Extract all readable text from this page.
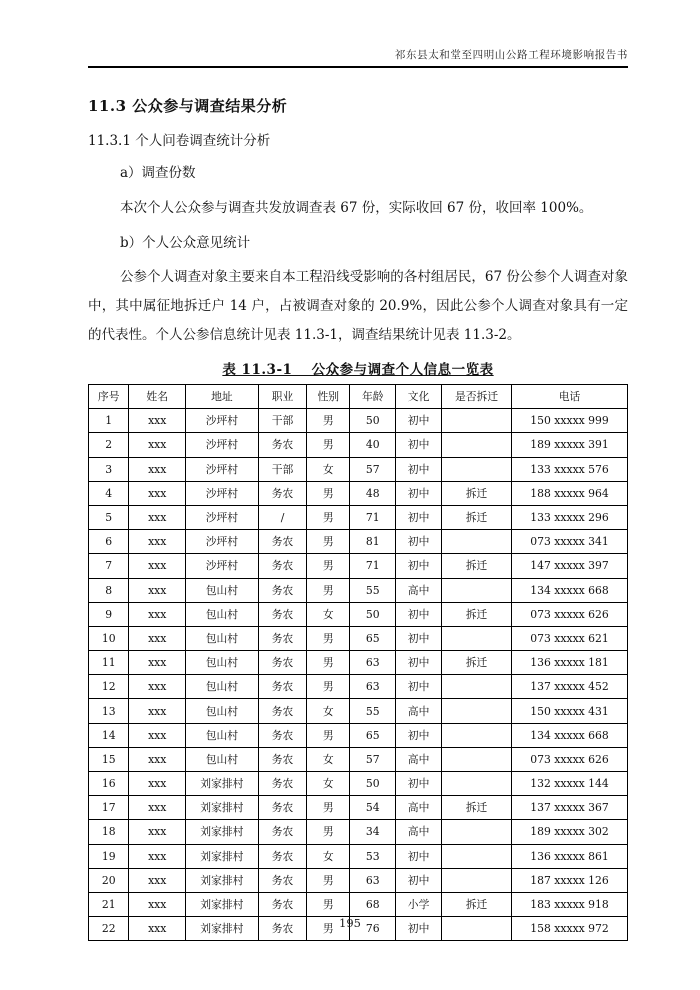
祁东县太和堂至四明山公路工程环境影响报告书
11.3 公众参与调查结果分析
11.3.1 个人问卷调查统计分析
a）调查份数
本次个人公众参与调查共发放调查表 67 份，实际收回 67 份，收回率 100%。
b）个人公众意见统计
公参个人调查对象主要来自本工程沿线受影响的各村组居民，67 份公参个人调查对象中，其中属征地拆迁户 14 户，占被调查对象的 20.9%，因此公参个人调查对象具有一定的代表性。个人公参信息统计见表 11.3-1，调查结果统计见表 11.3-2。
表 11.3-1　 公众参与调查个人信息一览表
序号	姓名	地址	职业	性别	年龄	文化	是否拆迁	电话
1	xxx	沙坪村	干部	男	50	初中		150 xxxxx 999
2	xxx	沙坪村	务农	男	40	初中		189 xxxxx 391
3	xxx	沙坪村	干部	女	57	初中		133 xxxxx 576
4	xxx	沙坪村	务农	男	48	初中	拆迁	188 xxxxx 964
5	xxx	沙坪村	/	男	71	初中	拆迁	133 xxxxx 296
6	xxx	沙坪村	务农	男	81	初中		073 xxxxx 341
7	xxx	沙坪村	务农	男	71	初中	拆迁	147 xxxxx 397
8	xxx	包山村	务农	男	55	高中		134 xxxxx 668
9	xxx	包山村	务农	女	50	初中	拆迁	073 xxxxx 626
10	xxx	包山村	务农	男	65	初中		073 xxxxx 621
11	xxx	包山村	务农	男	63	初中	拆迁	136 xxxxx 181
12	xxx	包山村	务农	男	63	初中		137 xxxxx 452
13	xxx	包山村	务农	女	55	高中		150 xxxxx 431
14	xxx	包山村	务农	男	65	初中		134 xxxxx 668
15	xxx	包山村	务农	女	57	高中		073 xxxxx 626
16	xxx	刘家排村	务农	女	50	初中		132 xxxxx 144
17	xxx	刘家排村	务农	男	54	高中	拆迁	137 xxxxx 367
18	xxx	刘家排村	务农	男	34	高中		189 xxxxx 302
19	xxx	刘家排村	务农	女	53	初中		136 xxxxx 861
20	xxx	刘家排村	务农	男	63	初中		187 xxxxx 126
21	xxx	刘家排村	务农	男	68	小学	拆迁	183 xxxxx 918
22	xxx	刘家排村	务农	男	76	初中		158 xxxxx 972
195
